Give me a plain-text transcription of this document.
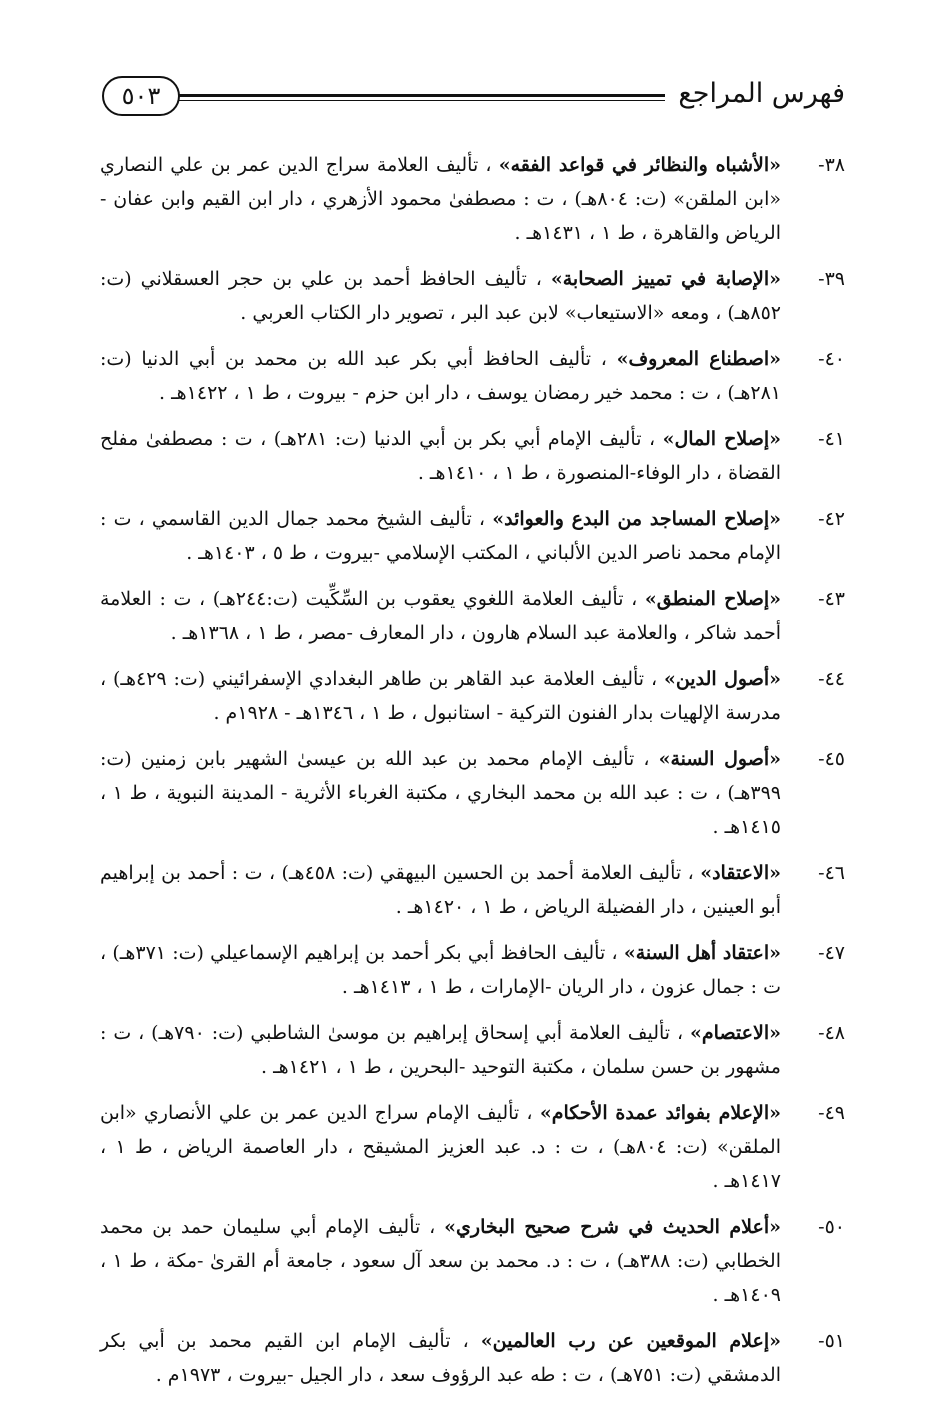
فهرس المراجع
٥٠٣
٣٨-
«الأشباه والنظائر في قواعد الفقه» ، تأليف العلامة سراج الدين عمر بن علي النصاري «ابن الملقن» (ت: ٨٠٤هـ) ، ت : مصطفىٰ محمود الأزهري ، دار ابن القيم وابن عفان - الرياض والقاهرة ، ط ١ ، ١٤٣١هـ .
٣٩-
«الإصابة في تمييز الصحابة» ، تأليف الحافظ أحمد بن علي بن حجر العسقلاني (ت: ٨٥٢هـ) ، ومعه «الاستيعاب» لابن عبد البر ، تصوير دار الكتاب العربي .
٤٠-
«اصطناع المعروف» ، تأليف الحافظ أبي بكر عبد الله بن محمد بن أبي الدنيا (ت: ٢٨١هـ) ، ت : محمد خير رمضان يوسف ، دار ابن حزم - بيروت ، ط ١ ، ١٤٢٢هـ .
٤١-
«إصلاح المال» ، تأليف الإمام أبي بكر بن أبي الدنيا (ت: ٢٨١هـ) ، ت : مصطفىٰ مفلح القضاة ، دار الوفاء-المنصورة ، ط ١ ، ١٤١٠هـ .
٤٢-
«إصلاح المساجد من البدع والعوائد» ، تأليف الشيخ محمد جمال الدين القاسمي ، ت : الإمام محمد ناصر الدين الألباني ، المكتب الإسلامي -بيروت ، ط ٥ ، ١٤٠٣هـ .
٤٣-
«إصلاح المنطق» ، تأليف العلامة اللغوي يعقوب بن السِّكِّيت (ت:٢٤٤هـ) ، ت : العلامة أحمد شاكر ، والعلامة عبد السلام هارون ، دار المعارف -مصر ، ط ١ ، ١٣٦٨هـ .
٤٤-
«أصول الدين» ، تأليف العلامة عبد القاهر بن طاهر البغدادي الإسفرائيني (ت: ٤٢٩هـ) ، مدرسة الإلهيات بدار الفنون التركية - استانبول ، ط ١ ، ١٣٤٦هـ - ١٩٢٨م .
٤٥-
«أصول السنة» ، تأليف الإمام محمد بن عبد الله بن عيسىٰ الشهير بابن زمنين (ت: ٣٩٩هـ) ، ت : عبد الله بن محمد البخاري ، مكتبة الغرباء الأثرية - المدينة النبوية ، ط ١ ، ١٤١٥هـ .
٤٦-
«الاعتقاد» ، تأليف العلامة أحمد بن الحسين البيهقي (ت: ٤٥٨هـ) ، ت : أحمد بن إبراهيم أبو العينين ، دار الفضيلة الرياض ، ط ١ ، ١٤٢٠هـ .
٤٧-
«اعتقاد أهل السنة» ، تأليف الحافظ أبي بكر أحمد بن إبراهيم الإسماعيلي (ت: ٣٧١هـ) ، ت : جمال عزون ، دار الريان -الإمارات ، ط ١ ، ١٤١٣هـ .
٤٨-
«الاعتصام» ، تأليف العلامة أبي إسحاق إبراهيم بن موسىٰ الشاطبي (ت: ٧٩٠هـ) ، ت : مشهور بن حسن سلمان ، مكتبة التوحيد -البحرين ، ط ١ ، ١٤٢١هـ .
٤٩-
«الإعلام بفوائد عمدة الأحكام» ، تأليف الإمام سراج الدين عمر بن علي الأنصاري «ابن الملقن» (ت: ٨٠٤هـ) ، ت : د. عبد العزيز المشيقح ، دار العاصمة الرياض ، ط ١ ، ١٤١٧هـ .
٥٠-
«أعلام الحديث في شرح صحيح البخاري» ، تأليف الإمام أبي سليمان حمد بن محمد الخطابي (ت: ٣٨٨هـ) ، ت : د. محمد بن سعد آل سعود ، جامعة أم القرىٰ -مكة ، ط ١ ، ١٤٠٩هـ .
٥١-
«إعلام الموقعين عن رب العالمين» ، تأليف الإمام ابن القيم محمد بن أبي بكر الدمشقي (ت: ٧٥١هـ) ، ت : طه عبد الرؤوف سعد ، دار الجيل -بيروت ، ١٩٧٣م .
